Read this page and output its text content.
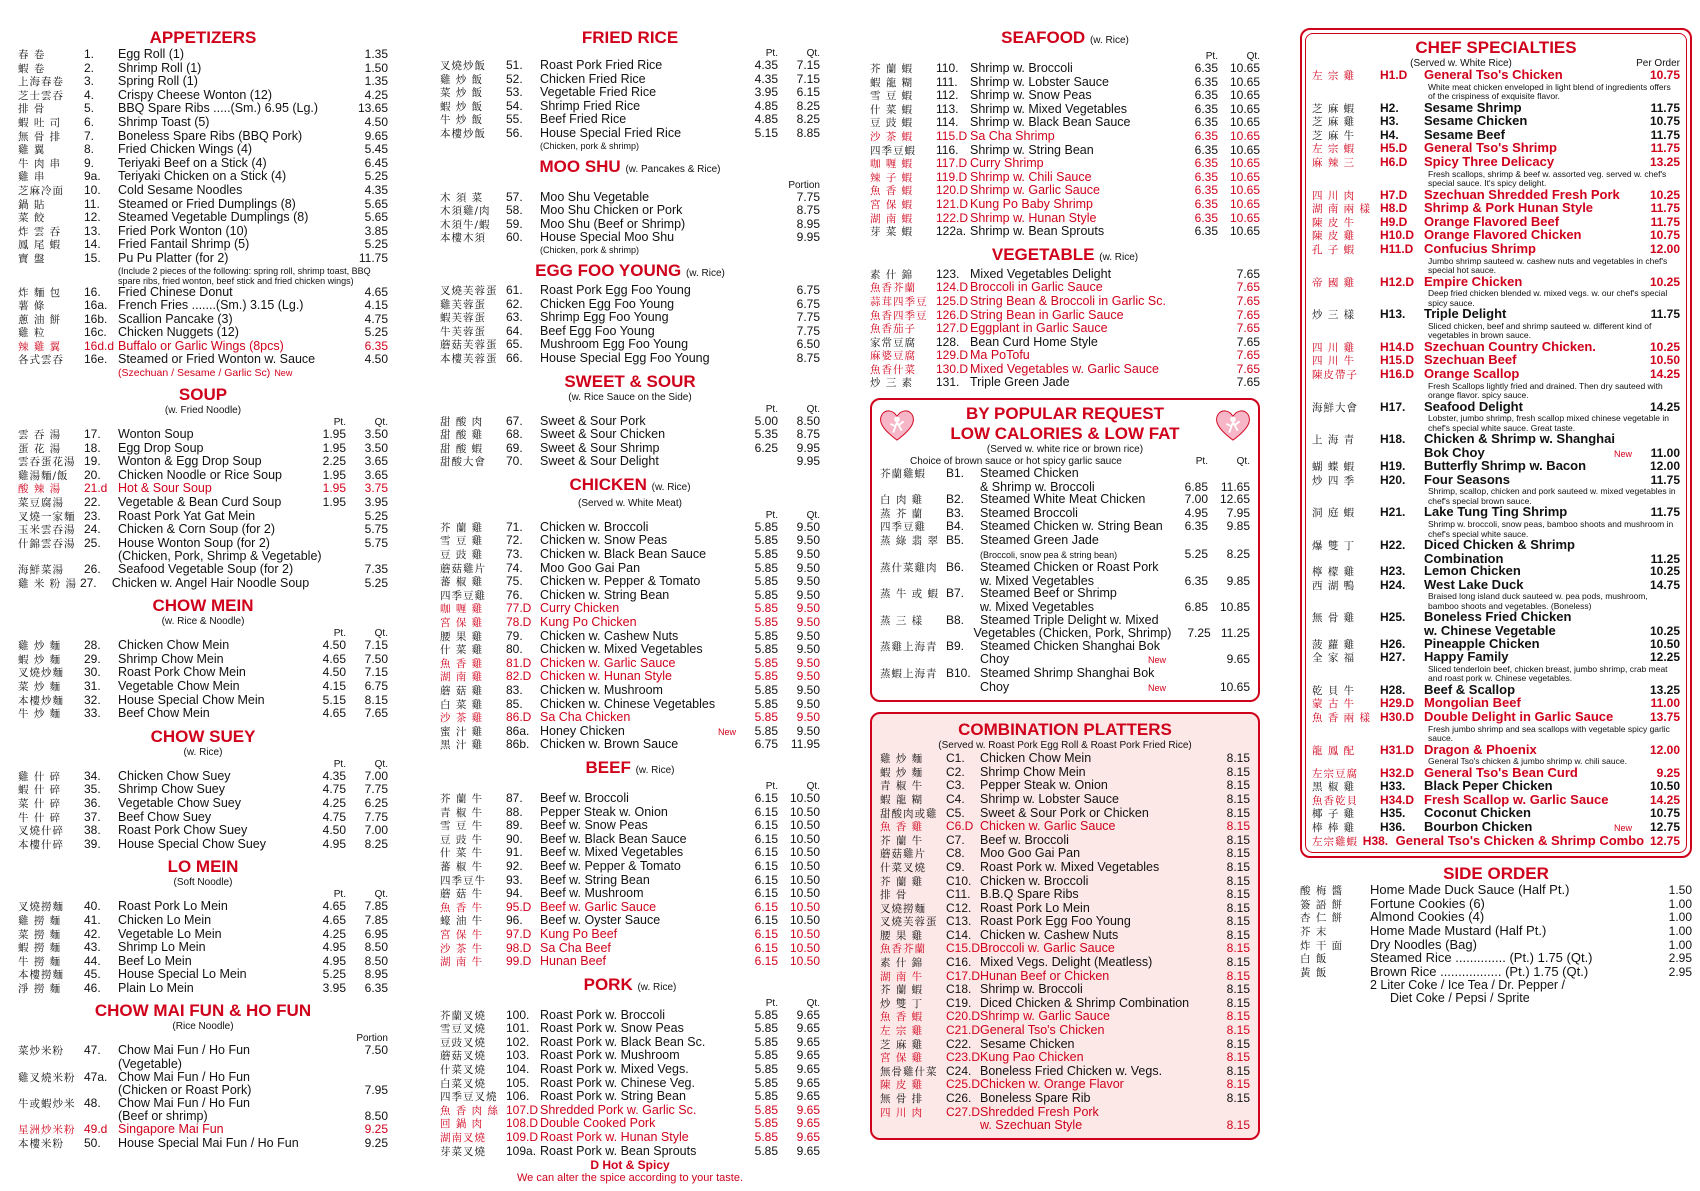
APPETIZERS
春 卷	1.	Egg Roll (1)	1.35
蝦 卷	2.	Shrimp Roll (1)	1.50
上海春卷	3.	Spring Roll (1)	1.35
芝士雲吞	4.	Crispy Cheese Wonton (12)	4.25
排 骨	5.	BBQ Spare Ribs .....(Sm.) 6.95 (Lg.)	13.65
蝦 吐 司	6.	Shrimp Toast (5)	4.50
無 骨 排	7.	Boneless Spare Ribs (BBQ Pork)	9.65
雞 翼	8.	Fried Chicken Wings (4)	5.45
牛 肉 串	9.	Teriyaki Beef on a Stick (4)	6.45
雞 串	9a.	Teriyaki Chicken on a Stick (4)	5.25
芝麻冷面	10.	Cold Sesame Noodles	4.35
鍋 貼	11.	Steamed or Fried Dumplings (8)	5.65
菜 餃	12.	Steamed Vegetable Dumplings (8)	5.65
炸 雲 吞	13.	Fried Pork Wonton (10)	3.85
鳳 尾 蝦	14.	Fried Fantail Shrimp (5)	5.25
寶 盤	15.	Pu Pu Platter (for 2)	11.75
(Include 2 pieces of the following: spring roll, shrimp toast, BBQ spare ribs, fried wonton, beef stick and fried chicken wings)
炸 麵 包	16.	Fried Chinese Donut	4.65
薯 條	16a. French Fries .......(Sm.) 3.15 (Lg.)	4.15
蔥 油 餅	16b. Scallion Pancake (3)	4.75
雞 粒	16c. Chicken Nuggets (12)	5.25
辣 雞 翼	16d.d Buffalo or Garlic Wings (8pcs)	6.35
各式雲吞	16e. Steamed or Fried Wonton w. Sauce	4.50
(Szechuan / Sesame / Garlic Sc) New
SOUP
(w. Fried Noodle)
Pt.	Qt.
雲 吞 湯	17.	Wonton Soup	1.95	3.50
蛋 花 湯	18.	Egg Drop Soup	1.95	3.50
雲吞蛋花湯 19.	Wonton & Egg Drop Soup	2.25	3.65
雞湯麵/飯	20.	Chicken Noodle or Rice Soup	1.95	3.65
酸 辣 湯	21.d Hot & Sour Soup	1.95	3.75
菜豆腐湯	22.	Vegetable & Bean Curd Soup	1.95	3.95
叉燒一家麵 23.	Roast Pork Yat Gat Mein	5.25
玉米雲吞湯 24.	Chicken & Corn Soup (for 2)	5.75
什錦雲吞湯 25.	House Wonton Soup (for 2)	5.75
(Chicken, Pork, Shrimp & Vegetable)
海鮮菜湯	26.	Seafood Vegetable Soup (for 2)	7.35
雞 米 粉 湯 27.	Chicken w. Angel Hair Noodle Soup	5.25
CHOW MEIN
(w. Rice & Noodle)
Pt.	Qt.
雞 炒 麵	28.	Chicken Chow Mein	4.50	7.15
蝦 炒 麵	29.	Shrimp Chow Mein	4.65	7.50
叉燒炒麵	30.	Roast Pork Chow Mein	4.50	7.15
菜 炒 麵	31.	Vegetable Chow Mein	4.15	6.75
本樓炒麵	32.	House Special Chow Mein	5.15	8.15
牛 炒 麵	33.	Beef Chow Mein	4.65	7.65
CHOW SUEY
(w. Rice)
Pt.	Qt.
雞 什 碎	34.	Chicken Chow Suey	4.35	7.00
蝦 什 碎	35.	Shrimp Chow Suey	4.75	7.75
菜 什 碎	36.	Vegetable Chow Suey	4.25	6.25
牛 什 碎	37.	Beef Chow Suey	4.75	7.75
叉燒什碎	38.	Roast Pork Chow Suey	4.50	7.00
本樓什碎	39.	House Special Chow Suey	4.95	8.25
LO MEIN
(Soft Noodle)
Pt.	Qt.
叉燒撈麵	40.	Roast Pork Lo Mein	4.65	7.85
雞 撈 麵	41.	Chicken Lo Mein	4.65	7.85
菜 撈 麵	42.	Vegetable Lo Mein	4.25	6.95
蝦 撈 麵	43.	Shrimp Lo Mein	4.95	8.50
牛 撈 麵	44.	Beef Lo Mein	4.95	8.50
本樓撈麵	45.	House Special Lo Mein	5.25	8.95
淨 撈 麵	46.	Plain Lo Mein	3.95	6.35
CHOW MAI FUN & HO FUN
(Rice Noodle)
Portion
菜炒米粉	47.	Chow Mai Fun / Ho Fun	7.50
(Vegetable)
雞叉燒米粉 47a. Chow Mai Fun / Ho Fun
(Chicken or Roast Pork)	7.95
牛或蝦炒米 48.	Chow Mai Fun / Ho Fun
(Beef or shrimp)	8.50
星洲炒米粉 49.d Singapore Mai Fun	9.25
本樓米粉	50.	House Special Mai Fun / Ho Fun	9.25
FRIED RICE
Pt.	Qt.
叉燒炒飯	51.	Roast Pork Fried Rice	4.35	7.15
雞 炒 飯	52.	Chicken Fried Rice	4.35	7.15
菜 炒 飯	53.	Vegetable Fried Rice	3.95	6.15
蝦 炒 飯	54.	Shrimp Fried Rice	4.85	8.25
牛 炒 飯	55.	Beef Fried Rice	4.85	8.25
本樓炒飯	56.	House Special Fried Rice	5.15	8.85
(Chicken, pork & shrimp)
MOO SHU (w. Pancakes & Rice)
Portion
木 須 菜	57.	Moo Shu Vegetable	7.75
木須雞/肉	58.	Moo Shu Chicken or Pork	8.75
木須牛/蝦	59.	Moo Shu (Beef or Shrimp)	8.95
本樓木須	60.	House Special Moo Shu	9.95
(Chicken, pork & shrimp)
EGG FOO YOUNG (w. Rice)
叉燒芙蓉蛋 61.	Roast Pork Egg Foo Young	6.75
雞芙蓉蛋	62.	Chicken Egg Foo Young	6.75
蝦芙蓉蛋	63.	Shrimp Egg Foo Young	7.75
牛芙蓉蛋	64.	Beef Egg Foo Young	7.75
蘑菇芙蓉蛋 65.	Mushroom Egg Foo Young	6.50
本樓芙蓉蛋 66.	House Special Egg Foo Young	8.75
SWEET & SOUR
(w. Rice Sauce on the Side)
Pt.	Qt.
甜 酸 肉	67.	Sweet & Sour Pork	5.00	8.50
甜 酸 雞	68.	Sweet & Sour Chicken	5.35	8.75
甜 酸 蝦	69.	Sweet & Sour Shrimp	6.25	9.95
甜酸大會	70.	Sweet & Sour Delight	9.95
CHICKEN (w. Rice)
(Served w. White Meat)
Pt.	Qt.
芥 蘭 雞	71.	Chicken w. Broccoli	5.85	9.50
雪 豆 雞	72.	Chicken w. Snow Peas	5.85	9.50
豆 豉 雞	73.	Chicken w. Black Bean Sauce	5.85	9.50
蘑菇雞片	74.	Moo Goo Gai Pan	5.85	9.50
蕃 椒 雞	75.	Chicken w. Pepper & Tomato	5.85	9.50
四季豆雞	76.	Chicken w. String Bean	5.85	9.50
咖 喱 雞	77.D Curry Chicken	5.85	9.50
宮 保 雞	78.D Kung Po Chicken	5.85	9.50
腰 果 雞	79.	Chicken w. Cashew Nuts	5.85	9.50
什 菜 雞	80.	Chicken w. Mixed Vegetables	5.85	9.50
魚 香 雞	81.D Chicken w. Garlic Sauce	5.85	9.50
湖 南 雞	82.D Chicken w. Hunan Style	5.85	9.50
蘑 菇 雞	83.	Chicken w. Mushroom	5.85	9.50
白 菜 雞	85.	Chicken w. Chinese Vegetables	5.85	9.50
沙 茶 雞	86.D Sa Cha Chicken	5.85	9.50
蜜 汁 雞	86a. Honey Chicken	New	5.85	9.50
黑 汁 雞	86b. Chicken w. Brown Sauce	6.75	11.95
BEEF (w. Rice)
Pt.	Qt.
芥 蘭 牛	87.	Beef w. Broccoli	6.15 10.50
青 椒 牛	88.	Pepper Steak w. Onion	6.15 10.50
雪 豆 牛	89.	Beef w. Snow Peas	6.15 10.50
豆 豉 牛	90.	Beef w. Black Bean Sauce	6.15 10.50
什 菜 牛	91.	Beef w. Mixed Vegetables	6.15 10.50
蕃 椒 牛	92.	Beef w. Pepper & Tomato	6.15 10.50
四季豆牛	93.	Beef w. String Bean	6.15 10.50
蘑 菇 牛	94.	Beef w. Mushroom	6.15 10.50
魚 香 牛	95.D Beef w. Garlic Sauce	6.15 10.50
蠔 油 牛	96.	Beef w. Oyster Sauce	6.15 10.50
宮 保 牛	97.D Kung Po Beef	6.15 10.50
沙 茶 牛	98.D Sa Cha Beef	6.15 10.50
湖 南 牛	99.D Hunan Beef	6.15 10.50
PORK (w. Rice)
Pt.	Qt.
芥蘭叉燒	100. Roast Pork w. Broccoli	5.85	9.65
雪豆叉燒	101. Roast Pork w. Snow Peas	5.85	9.65
豆豉叉燒	102. Roast Pork w. Black Bean Sc.	5.85	9.65
蘑菇叉燒	103. Roast Pork w. Mushroom	5.85	9.65
什菜叉燒	104. Roast Pork w. Mixed Vegs.	5.85	9.65
白菜叉燒	105. Roast Pork w. Chinese Veg.	5.85	9.65
四季豆叉燒 106. Roast Pork w. String Bean	5.85	9.65
魚 香 肉 絲 107.D Shredded Pork w. Garlic Sc.	5.85	9.65
回 鍋 肉	108.D Double Cooked Pork	5.85	9.65
湖南叉燒	109.D Roast Pork w. Hunan Style	5.85	9.65
芽菜叉燒	109a. Roast Pork w. Bean Sprouts	5.85	9.65
D Hot & Spicy
We can alter the spice according to your taste.
SEAFOOD (w. Rice)
Pt.	Qt.
芥 蘭 蝦	110. Shrimp w. Broccoli	6.35 10.65
蝦 龍 糊	111. Shrimp w. Lobster Sauce	6.35 10.65
雪 豆 蝦	112. Shrimp w. Snow Peas	6.35 10.65
什 菜 蝦	113. Shrimp w. Mixed Vegetables	6.35 10.65
豆 豉 蝦	114. Shrimp w. Black Bean Sauce	6.35 10.65
沙 茶 蝦	115.D Sa Cha Shrimp	6.35 10.65
四季豆蝦	116. Shrimp w. String Bean	6.35 10.65
咖 喱 蝦	117.D Curry Shrimp	6.35 10.65
辣 子 蝦	119.D Shrimp w. Chili Sauce	6.35 10.65
魚 香 蝦	120.D Shrimp w. Garlic Sauce	6.35 10.65
宮 保 蝦	121.D Kung Po Baby Shrimp	6.35 10.65
湖 南 蝦	122.D Shrimp w. Hunan Style	6.35 10.65
芽 菜 蝦	122a. Shrimp w. Bean Sprouts	6.35 10.65
VEGETABLE (w. Rice)
素 什 錦	123. Mixed Vegetables Delight	7.65
魚香芥蘭	124.D Broccoli in Garlic Sauce	7.65
蒜茸四季豆 125.D String Bean & Broccoli in Garlic Sc.	7.65
魚香四季豆 126.D String Bean in Garlic Sauce	7.65
魚香茄子	127.D Eggplant in Garlic Sauce	7.65
家常豆腐	128. Bean Curd Home Style	7.65
麻婆豆腐	129.D Ma PoTofu	7.65
魚香什菜	130.D Mixed Vegetables w. Garlic Sauce	7.65
炒 三 素	131. Triple Green Jade	7.65
BY POPULAR REQUEST
LOW CALORIES & LOW FAT
(Served w. white rice or brown rice)
Choice of brown sauce or hot spicy garlic sauce	Pt.	Qt.
芥蘭雞蝦	B1.	Steamed Chicken
& Shrimp w. Broccoli	6.85	11.65
白 肉 雞	B2.	Steamed White Meat Chicken	7.00 12.65
蒸 芥 蘭	B3.	Steamed Broccoli	4.95	7.95
四季豆雞	B4.	Steamed Chicken w. String Bean	6.35	9.85
蒸 綠 翡 翠 B5.	Steamed Green Jade
(Broccoli, snow pea & string bean)	5.25	8.25
蒸什菜雞肉 B6.	Steamed Chicken or Roast Pork
w. Mixed Vegetables	6.35	9.85
蒸 牛 或 蝦 B7.	Steamed Beef or Shrimp
w. Mixed Vegetables	6.85 10.85
蒸 三 樣	B8.	Steamed Triple Delight w. Mixed
Vegetables (Chicken, Pork, Shrimp)	7.25 11.25
蒸雞上海青 B9.	Steamed Chicken Shanghai Bok
Choy	New	9.65
蒸蝦上海青 B10. Steamed Shrimp Shanghai Bok
Choy	New	10.65
COMBINATION PLATTERS
(Served w. Roast Pork Egg Roll & Roast Pork Fried Rice)
雞 炒 麵	C1.	Chicken Chow Mein	8.15
蝦 炒 麵	C2.	Shrimp Chow Mein	8.15
青 椒 牛	C3.	Pepper Steak w. Onion	8.15
蝦 龍 糊	C4.	Shrimp w. Lobster Sauce	8.15
甜酸肉或雞 C5.	Sweet & Sour Pork or Chicken	8.15
魚 香 雞	C6.D Chicken w. Garlic Sauce	8.15
芥 蘭 牛	C7.	Beef w. Broccoli	8.15
蘑菇雞片	C8.	Moo Goo Gai Pan	8.15
什菜叉燒	C9.	Roast Pork w. Mixed Vegetables	8.15
芥 蘭 雞	C10. Chicken w. Broccoli	8.15
排 骨	C11. B.B.Q Spare Ribs	8.15
叉燒撈麵	C12. Roast Pork Lo Mein	8.15
叉燒芙蓉蛋 C13. Roast Pork Egg Foo Young	8.15
腰 果 雞	C14. Chicken w. Cashew Nuts	8.15
魚香芥蘭	C15.D Broccoli w. Garlic Sauce	8.15
素 什 錦	C16. Mixed Vegs. Delight (Meatless)	8.15
湖 南 牛	C17.D Hunan Beef or Chicken	8.15
芥 蘭 蝦	C18. Shrimp w. Broccoli	8.15
炒 雙 丁	C19. Diced Chicken & Shrimp Combination	8.15
魚 香 蝦	C20.D Shrimp w. Garlic Sauce	8.15
左 宗 雞	C21.D General Tso's Chicken	8.15
芝 麻 雞	C22. Sesame Chicken	8.15
宮 保 雞	C23.D Kung Pao Chicken	8.15
無骨雞什菜 C24. Boneless Fried Chicken w. Vegs.	8.15
陳 皮 雞	C25.D Chicken w. Orange Flavor	8.15
無 骨 排	C26. Boneless Spare Rib	8.15
四 川 肉	C27.D Shredded Fresh Pork
w. Szechuan Style	8.15
CHEF SPECIALTIES
(Served w. White Rice)	Per Order
左 宗 雞	H1.D	General Tso's Chicken	10.75
White meat chicken enveloped in light blend of ingredients offers of the crispiness of exquisite flavor.
芝 麻 蝦	H2.	Sesame Shrimp	11.75
芝 麻 雞	H3.	Sesame Chicken	10.75
芝 麻 牛	H4.	Sesame Beef	11.75
左 宗 蝦	H5.D	General Tso's Shrimp	11.75
麻 辣 三	H6.D	Spicy Three Delicacy	13.25
Fresh scallops, shrimp & beef w. assorted veg. served w. chef's special sauce. It's spicy delight.
四 川 肉	H7.D	Szechuan Shredded Fresh Pork	10.25
湖 南 兩 樣 H8.D	Shrimp & Pork Hunan Style	11.75
陳 皮 牛	H9.D	Orange Flavored Beef	11.75
陳 皮 雞	H10.D Orange Flavored Chicken	10.75
孔 子 蝦	H11.D Confucius Shrimp	12.00
Jumbo shrimp sauteed w. cashew nuts and vegetables in chef's special hot sauce.
帝 國 雞	H12.D Empire Chicken	10.25
Deep fried chicken blended w. mixed vegs. w. our chef's special spicy sauce.
炒 三 樣	H13.	Triple Delight	11.75
Sliced chicken, beef and shrimp sauteed w. different kind of vegetables in brown sauce.
四 川 雞	H14.D Szechuan Country Chicken.	10.25
四 川 牛	H15.D Szechuan Beef	10.50
陳皮帶子	H16.D Orange Scallop	14.25
Fresh Scallops lightly fried and drained. Then dry sauteed with orange flavor. spicy sauce.
海鮮大會	H17.	Seafood Delight	14.25
Lobster, jumbo shrimp, fresh scallop mixed chinese vegetable in chef's special white sauce. Great taste.
上 海 青	H18.	Chicken & Shrimp w. Shanghai
Bok Choy	New	11.00
蝴 蝶 蝦	H19.	Butterfly Shrimp w. Bacon	12.00
炒 四 季	H20.	Four Seasons	11.75
Shrimp, scallop, chicken and pork sauteed w. mixed vegetables in chef's special brown sauce.
洞 庭 蝦	H21.	Lake Tung Ting Shrimp	11.75
Shrimp w. broccoli, snow peas, bamboo shoots and mushroom in chef's special white sauce.
爆 雙 丁	H22.	Diced Chicken & Shrimp
Combination	11.25
檸 檬 雞	H23.	Lemon Chicken	10.25
西 湖 鴨	H24.	West Lake Duck	14.75
Braised long island duck sauteed w. pea pods, mushroom, bamboo shoots and vegetables. (Boneless)
無 骨 雞	H25.	Boneless Fried Chicken
w. Chinese Vegetable	10.25
菠 蘿 雞	H26.	Pineapple Chicken	10.50
全 家 福	H27.	Happy Family	12.25
Sliced tenderloin beef, chicken breast, jumbo shrimp, crab meat and roast pork w. Chinese vegetables.
乾 貝 牛	H28.	Beef & Scallop	13.25
蒙 古 牛	H29.D Mongolian Beef	11.00
魚 香 兩 樣 H30.D Double Delight in Garlic Sauce	13.75
Fresh jumbo shrimp and sea scallops with vegetable spicy garlic sauce.
龍 鳳 配	H31.D Dragon & Phoenix	12.00
General Tso's chicken & jumbo shrimp w. chili sauce.
左宗豆腐	H32.D General Tso's Bean Curd	9.25
黑 椒 雞	H33.	Black Peper Chicken	10.50
魚香乾貝	H34.D Fresh Scallop w. Garlic Sauce	14.25
椰 子 雞	H35.	Coconut Chicken	10.75
棒 棒 雞	H36.	Bourbon Chicken	New	12.75
左宗雞蝦 H38. General Tso's Chicken & Shrimp Combo 12.75
SIDE ORDER
酸 梅 醬	Home Made Duck Sauce (Half Pt.)	1.50
簽 語 餅	Fortune Cookies (6)	1.00
杏 仁 餅	Almond Cookies (4)	1.00
芥 末	Home Made Mustard (Half Pt.)	1.00
炸 干 面	Dry Noodles (Bag)	1.00
白 飯	Steamed Rice .............. (Pt.) 1.75 (Qt.)	2.95
黃 飯	Brown Rice ................. (Pt.) 1.75 (Qt.)	2.95
2 Liter Coke / Ice Tea / Dr. Pepper /
Diet Coke / Pepsi / Sprite
